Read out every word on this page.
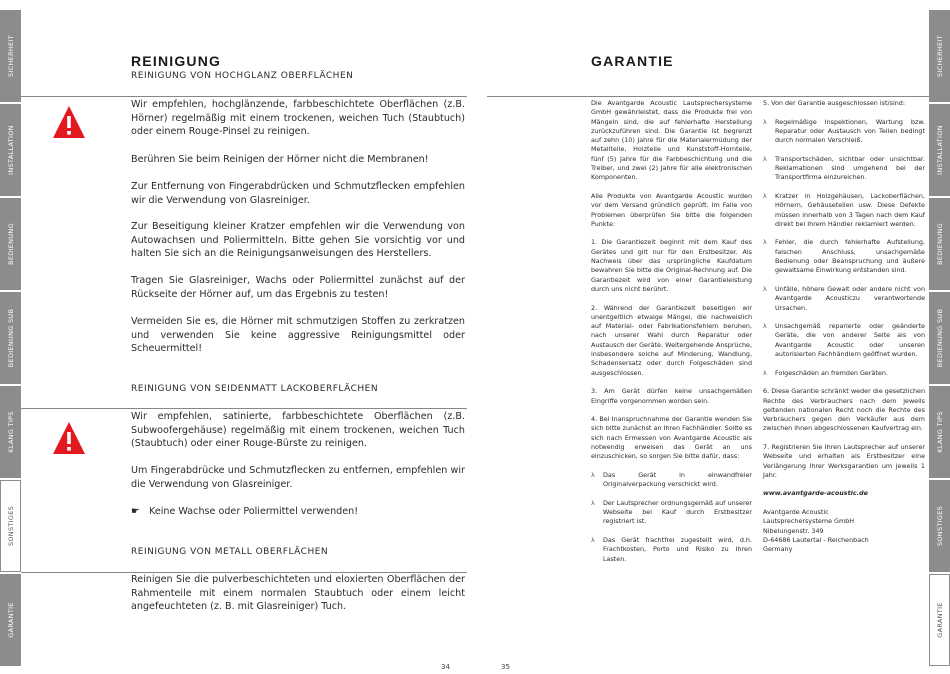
SICHERHEIT
INSTALLATION
BEDIENUNG
BEDIENUNG SUB
KLANG TIPS
SONSTIGES
GARANTIE
SICHERHEIT
INSTALLATION
BEDIENUNG
BEDIENUNG SUB
KLANG TIPS
SONSTIGES
GARANTIE
REINIGUNG
REINIGUNG VON HOCHGLANZ OBERFLÄCHEN
Wir empfehlen, hochglänzende, farbbeschichtete Oberflächen (z.B. Hörner) regelmäßig mit einem trockenen, weichen Tuch (Staubtuch) oder einem Rouge-Pinsel zu reinigen.
Berühren Sie beim Reinigen der Hörner nicht die Membranen!
Zur Entfernung von Fingerabdrücken und Schmutzflecken empfehlen wir die Verwendung von Glasreiniger.
Zur Beseitigung kleiner Kratzer empfehlen wir die Verwendung von Autowachsen und Poliermitteln. Bitte gehen Sie vorsichtig vor und halten Sie sich an die Reinigungsanweisungen des Herstellers.
Tragen Sie Glasreiniger, Wachs oder Poliermittel zunächst auf der Rückseite der Hörner auf, um das Ergebnis zu testen!
Vermeiden Sie es, die Hörner mit schmutzigen Stoffen zu zerkratzen und verwenden Sie keine aggressive Reinigungsmittel oder Scheuermittel!
REINIGUNG VON SEIDENMATT LACKOBERFLÄCHEN
Wir empfehlen, satinierte, farbbeschichtete Oberflächen (z.B. Subwoofergehäuse) regelmäßig mit einem trockenen, weichen Tuch (Staubtuch) oder einer Rouge-Bürste zu reinigen.
Um Fingerabdrücke und Schmutzflecken zu entfernen, empfehlen wir die Verwendung von Glasreiniger.
☛ Keine Wachse oder Poliermittel verwenden!
REINIGUNG VON METALL OBERFLÄCHEN
Reinigen Sie die pulverbeschichteten und eloxierten Oberflächen der Rahmenteile mit einem normalen Staubtuch oder einem leicht angefeuchteten (z. B. mit Glasreiniger) Tuch.
34
GARANTIE

Die Avantgarde Acoustic Lautsprechersysteme GmbH gewährleistet, dass die Produkte frei von Mängeln sind, die auf fehlerhafte Herstellung zurückzuführen sind. Die Garantie ist begrenzt auf zehn (10) Jahre für die Materialermüdung der Metallteile, Holzteile und Kunststoff-Hornteile, fünf (5) Jahre für die Farbbeschichtung und die Treiber, und zwei (2) Jahre für alle elektronischen Komponenten.

Alle Produkte von Avantgarde Acoustic wurden vor dem Versand gründlich geprüft. Im Falle von Problemen überprüfen Sie bitte die folgenden Punkte:

1. Die Garantiezeit beginnt mit dem Kauf des Gerätes und gilt nur für den Erstbesitzer. Als Nachweis über das ursprüngliche Kaufdatum bewahren Sie bitte die Original-Rechnung auf. Die Garantiezeit wird von einer Garantieleistung durch uns nicht berührt.

2. Während der Garantiezeit beseitigen wir unentgeltlich etwaige Mängel, die nachweislich auf Material- oder Fabrikationsfehlern beruhen, nach unserer Wahl durch Reparatur oder Austausch der Geräte. Weitergehende Ansprüche, insbesondere solche auf Minderung, Wandlung, Schadensersatz oder durch Folgeschäden sind ausgeschlossen.

3. Am Gerät dürfen keine unsachgemäßen Eingriffe vorgenommen worden sein.

4. Bei Inanspruchnahme der Garantie wenden Sie sich bitte zunächst an Ihren Fachhändler. Sollte es sich nach Ermessen von Avantgarde Acoustic als notwendig erweisen das Gerät an uns einzuschicken, so sorgen Sie bitte dafür, dass:

λ	Das Gerät in einwandfreier Originalverpackung verschickt wird.
λ	Der Lautsprecher ordnungsgemäß auf unserer Webseite bei Kauf durch Erstbesitzer registriert ist.
λ	Das Gerät frachtfrei zugestellt wird, d.h. Frachtkosten, Porto und Risiko zu Ihren Lasten.

5. Von der Garantie ausgeschlossen ist/sind:

λ	Regelmäßige Inspektionen, Wartung bzw. Reparatur oder Austausch von Teilen bedingt durch normalen Verschleiß.
λ	Transportschäden, sichtbar oder unsichtbar. Reklamationen sind umgehend bei der Transportfirma einzureichen.
λ	Kratzer in Holzgehäusen, Lackoberflächen, Hörnern, Gehäuseteilen usw. Diese Defekte müssen innerhalb von 3 Tagen nach dem Kauf direkt bei Ihrem Händler reklamiert werden.
λ	Fehler, die durch fehlerhafte Aufstellung, falschen Anschluss, unsachgemäße Bedienung oder Beanspruchung und äußere gewaltsame Einwirkung entstanden sind.
λ	Unfälle, höhere Gewalt oder andere nicht von Avantgarde Acousticzu verantwortende Ursachen.
λ	Unsachgemäß reparierte oder geänderte Geräte, die von anderer Seite als von Avantgarde Acoustic oder unseren autorisierten Fachhändlern geöffnet wurden.
λ	Folgeschäden an fremden Geräten.

6. Diese Garantie schränkt weder die gesetzlichen Rechte des Verbrauchers nach dem jeweils geltenden nationalen Recht noch die Rechte des Verbrauchers gegen den Verkäufer aus dem zwischen ihnen abgeschlossenen Kaufvertrag ein.

7. Registrieren Sie Ihren Lautsprecher auf unserer Webseite und erhalten als Erstbesitzer eine Verlängerung Ihrer Werksgarantien um jeweils 1 Jahr.

www.avantgarde-acoustic.de

Avantgarde Acoustic

Lautsprechersysteme GmbH

Nibelungenstr. 349

D-64686 Lautertal - Reichenbach

Germany

35
